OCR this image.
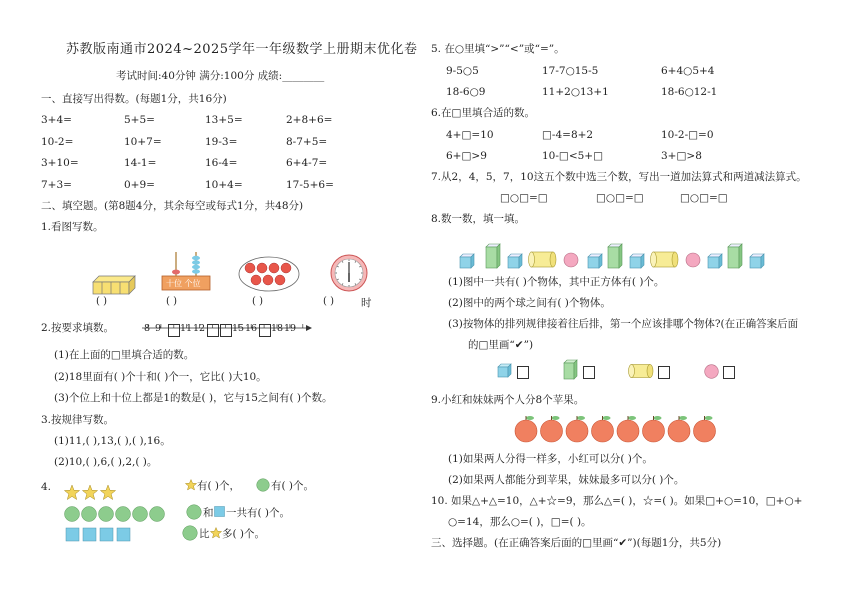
苏教版南通市2024~2025学年一年级数学上册期末优化卷
考试时间:40分钟 满分:100分 成绩:________
一、直接写出得数。(每题1分，共16分)
3+4=	5+5=	13+5=	2+8+6=
10-2=	10+7=	19-3=	8-7+5=
3+10=	14-1=	16-4=	6+4-7=
7+3=	0+9=	10+4=	17-5+6=
二、填空题。(第8题4分，其余每空或每式1分，共48分)
1.看图写数。
( )
十位 个位
( )	( )	( )	时
2.按要求填数。	8 9 11 12	15 16 18 19
(1)在上面的□里填合适的数。
(2)18里面有( )个十和( )个一，它比( )大10。
(3)个位上和十位上都是1的数是( )，它与15之间有( )个数。
3.按规律写数。
(1)11,( ),13,( ),( ),16。
(2)10,( ),6,( ),2,( )。
4.	有( )个，	有( )个。
和 一共有( )个。
比 多( )个。
5. 在○里填“>”“<”或“=”。
9-5○5	17-7○15-5	6+4○5+4
18-6○9	11+2○13+1	18-6○12-1
6.在□里填合适的数。
4+□=10	□-4=8+2	10-2-□=0
6+□>9	10-□<5+□	3+□>8
7.从2，4，5，7，10这五个数中选三个数，写出一道加法算式和两道减法算式。
□○□=□	□○□=□	□○□=□
8.数一数，填一填。
(1)图中一共有( )个物体，其中正方体有( )个。
(2)图中的两个球之间有( )个物体。
(3)按物体的排列规律接着往后排，第一个应该排哪个物体?(在正确答案后面
的□里画“✔”)
9.小红和妹妹两个人分8个苹果。
(1)如果两人分得一样多，小红可以分( )个。
(2)如果两人都能分到苹果，妹妹最多可以分( )个。
10. 如果△+△=10，△+☆=9，那么△=( )，☆=( )。如果□+○=10，□+○+
○=14，那么○=( )，□=( )。
三、选择题。(在正确答案后面的□里画“✔”)(每题1分，共5分)
